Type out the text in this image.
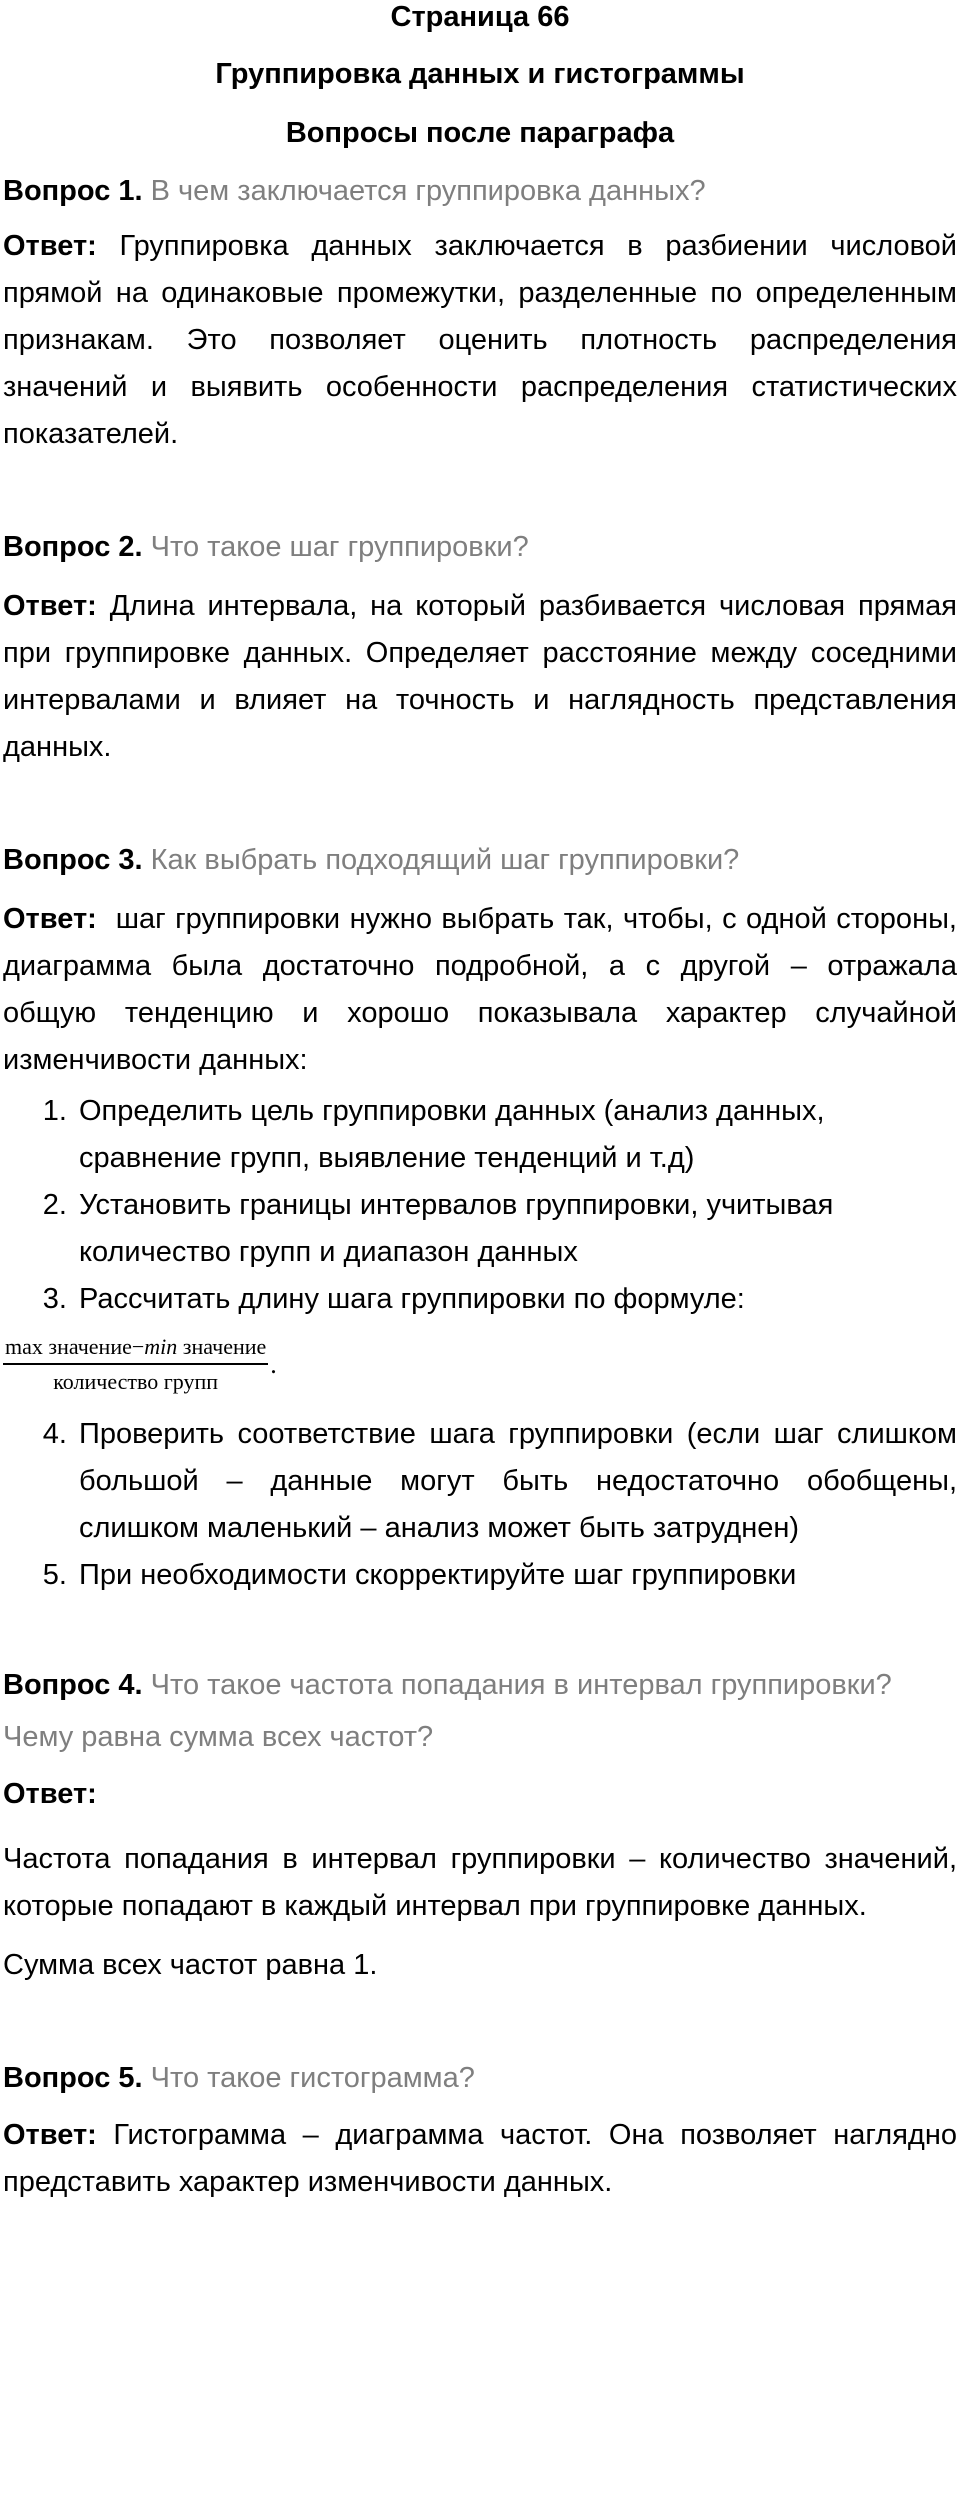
Страница 66

Группировка данных и гистограммы

Вопросы после параграфа

Вопрос 1. В чем заключается группировка данных?

Ответ: Группировка данных заключается в разбиении числовой прямой на одинаковые промежутки, разделенные по определенным признакам. Это позволяет оценить плотность распределения значений и выявить особенности распределения статистических показателей.

Вопрос 2. Что такое шаг группировки?

Ответ: Длина интервала, на который разбивается числовая прямая при группировке данных. Определяет расстояние между соседними интервалами и влияет на точность и наглядность представления данных.

Вопрос 3. Как выбрать подходящий шаг группировки?

Ответ: шаг группировки нужно выбрать так, чтобы, с одной стороны, диаграмма была достаточно подробной, а с другой – отражала общую тенденцию и хорошо показывала характер случайной изменчивости данных:

1. Определить цель группировки данных (анализ данных, сравнение групп, выявление тенденций и т.д)
2. Установить границы интервалов группировки, учитывая количество групп и диапазон данных
3. Рассчитать длину шага группировки по формуле:
$\frac{\text{max значение−min значение}}{\text{количество групп}}$ .
4. Проверить соответствие шага группировки (если шаг слишком большой – данные могут быть недостаточно обобщены, слишком маленький – анализ может быть затруднен)
5. При необходимости скорректируйте шаг группировки

Вопрос 4. Что такое частота попадания в интервал группировки? Чему равна сумма всех частот?

Ответ:

Частота попадания в интервал группировки – количество значений, которые попадают в каждый интервал при группировке данных.

Сумма всех частот равна 1.

Вопрос 5. Что такое гистограмма?

Ответ: Гистограмма – диаграмма частот. Она позволяет наглядно представить характер изменчивости данных.
